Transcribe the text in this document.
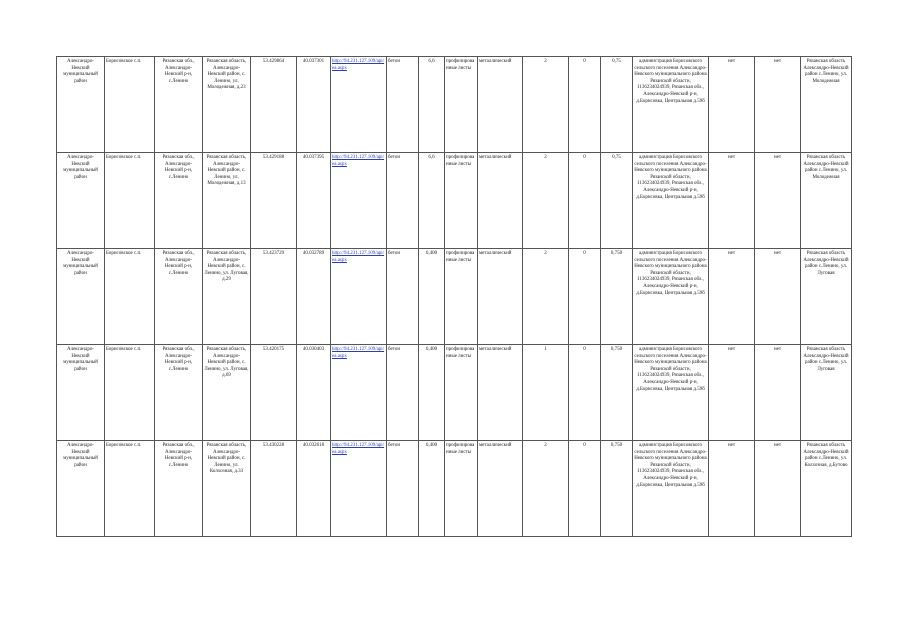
Александро-Невский муниципальный район	Борисовское с.п.	Рязанская обл., Александро-Невский р-н, с.Ленино	Рязанская область, Александро-Невский район, с. Ленино, ул. Молодежная, д.23	53.429864	40.037301	http://94.231.127.109/api/ea.aspx	бетон	6,6	профилированные листы	металлический	2	0	0,75	администрация Борисовского сельского поселения Александро-Невского муниципального района Рязанской области, 1136234024939, Рязанская обл., Александро-Невский р-н, д.Борисовка, Центральная д.59б	нет	нет	Рязанская область Александро-Невский район с.Ленино, ул. Молодежная
Александро-Невский муниципальный район	Борисовское с.п.	Рязанская обл., Александро-Невский р-н, с.Ленино	Рязанская область, Александро-Невский район, с. Ленино, ул. Молодежная, д.13	53.429188	40.037395	http://94.231.127.109/api/ea.aspx	бетон	6,6	профилированные листы	металлический	2	0	0,75	администрация Борисовского сельского поселения Александро-Невского муниципального района Рязанской области, 1136234024939, Рязанская обл., Александро-Невский р-н, д.Борисовка, Центральная д.59б	нет	нет	Рязанская область Александро-Невский район с.Ленино, ул. Молодежная
Александро-Невский муниципальный район	Борисовское с.п.	Рязанская обл., Александро-Невский р-н, с.Ленино	Рязанская область, Александро-Невский район, с. Ленино, ул. Луговая, д.29	53.423729	40.032789	http://94.231.127.109/api/ea.aspx	бетон	6,400	профилированные листы	металлический	2	0	0,750	администрация Борисовского сельского поселения Александро-Невского муниципального района Рязанской области, 1136234024939, Рязанская обл., Александро-Невский р-н, д.Борисовка, Центральная д.59б	нет	нет	Рязанская область Александро-Невский район с.Ленино, ул. Луговая
Александро-Невский муниципальный район	Борисовское с.п.	Рязанская обл., Александро-Невский р-н, с.Ленино	Рязанская область, Александро-Невский район, с. Ленино, ул. Луговая, д.69	53.420175	40.030403	http://94.231.127.109/api/ea.aspx	бетон	6,400	профилированные листы	металлический	1	0	0,750	администрация Борисовского сельского поселения Александро-Невского муниципального района Рязанской области, 1136234024939, Рязанская обл., Александро-Невский р-н, д.Борисовка, Центральная д.59б	нет	нет	Рязанская область Александро-Невский район с.Ленино, ул. Луговая
Александро-Невский муниципальный район	Борисовское с.п.	Рязанская обл., Александро-Невский р-н, с.Ленино	Рязанская область, Александро-Невский район, с. Ленино, ул. Колхозная, д.33	53.430228	40.032618	http://94.231.127.109/api/ea.aspx	бетон	6,400	профилированные листы	металлический	2	0	0,750	администрация Борисовского сельского поселения Александро-Невского муниципального района Рязанской области, 1136234024939, Рязанская обл., Александро-Невский р-н, д.Борисовка, Центральная д.59б	нет	нет	Рязанская область Александро-Невский район с.Ленино, ул. Колхозная, д.Бутово
